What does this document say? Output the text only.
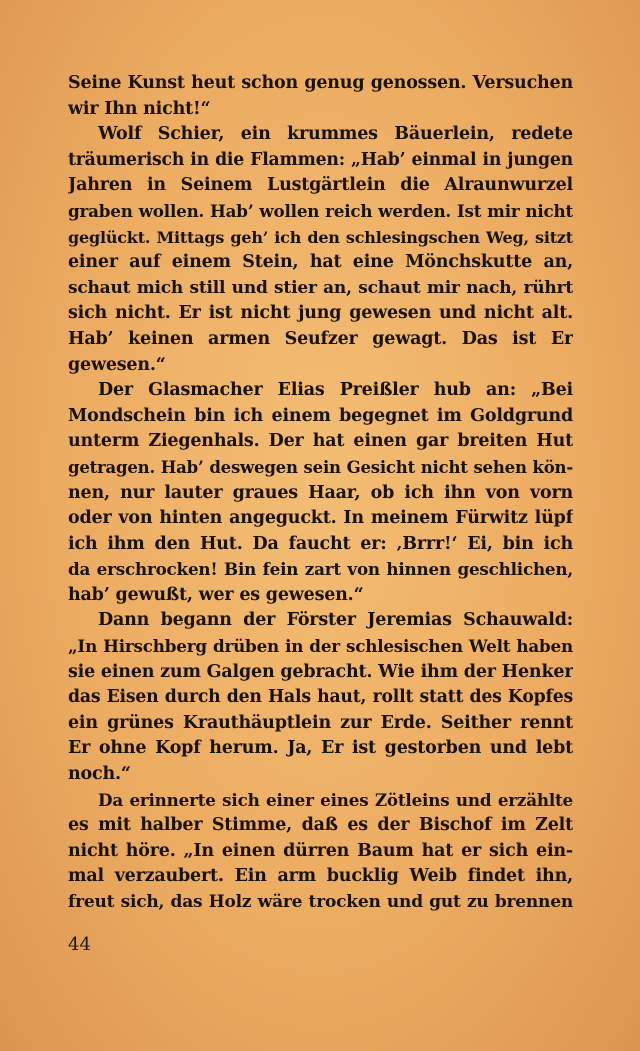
Seine Kunst heut schon genug genossen. Versuchen
wir Ihn nicht!“
Wolf Schier, ein krummes Bäuerlein, redete
träumerisch in die Flammen: „Hab’ einmal in jungen
Jahren in Seinem Lustgärtlein die Alraunwurzel
graben wollen. Hab’ wollen reich werden. Ist mir nicht
geglückt. Mittags geh’ ich den schlesingschen Weg, sitzt
einer auf einem Stein, hat eine Mönchskutte an,
schaut mich still und stier an, schaut mir nach, rührt
sich nicht. Er ist nicht jung gewesen und nicht alt.
Hab’ keinen armen Seufzer gewagt. Das ist Er
gewesen.“
Der Glasmacher Elias Preißler hub an: „Bei
Mondschein bin ich einem begegnet im Goldgrund
unterm Ziegenhals. Der hat einen gar breiten Hut
getragen. Hab’ deswegen sein Gesicht nicht sehen kön-
nen, nur lauter graues Haar, ob ich ihn von vorn
oder von hinten angeguckt. In meinem Fürwitz lüpf
ich ihm den Hut. Da faucht er: ‚Brrr!‘ Ei, bin ich
da erschrocken! Bin fein zart von hinnen geschlichen,
hab’ gewußt, wer es gewesen.“
Dann begann der Förster Jeremias Schauwald:
„In Hirschberg drüben in der schlesischen Welt haben
sie einen zum Galgen gebracht. Wie ihm der Henker
das Eisen durch den Hals haut, rollt statt des Kopfes
ein grünes Krauthäuptlein zur Erde. Seither rennt
Er ohne Kopf herum. Ja, Er ist gestorben und lebt
noch.“
Da erinnerte sich einer eines Zötleins und erzählte
es mit halber Stimme, daß es der Bischof im Zelt
nicht höre. „In einen dürren Baum hat er sich ein-
mal verzaubert. Ein arm bucklig Weib findet ihn,
freut sich, das Holz wäre trocken und gut zu brennen
44
